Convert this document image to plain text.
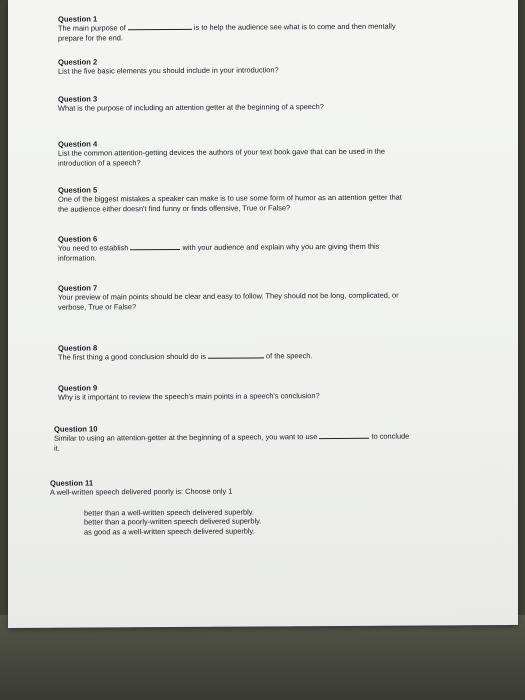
Question 1
The main purpose of	is to help the audience see what is to come and then mentally
prepare for the end.
Question 2
List the five basic elements you should include in your introduction?
Question 3
What is the purpose of including an attention getter at the beginning of a speech?
Question 4
List the common attention-getting devices the authors of your text book gave that can be used in the
introduction of a speech?
Question 5
One of the biggest mistakes a speaker can make is to use some form of humor as an attention getter that
the audience either doesn't find funny or finds offensive, True or False?
Question 6
You need to establish	with your audience and explain why you are giving them this
information.
Question 7
Your preview of main points should be clear and easy to follow. They should not be long, complicated, or
verbose, True or False?
Question 8
The first thing a good conclusion should do is	of the speech.
Question 9
Why is it important to review the speech's main points in a speech's conclusion?
Question 10
Similar to using an attention-getter at the beginning of a speech, you want to use	to conclude
it.
Question 11
A well-written speech delivered poorly is: Choose only 1
better than a well-written speech delivered superbly.
better than a poorly-written speech delivered superbly.
as good as a well-written speech delivered superbly.
